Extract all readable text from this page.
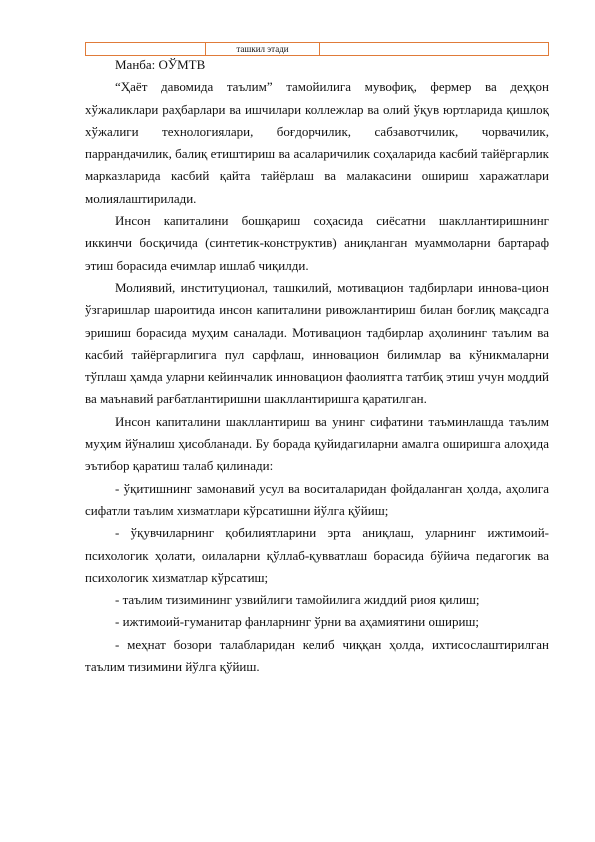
ташкил этади

Манба: ОЎМТВ

“Ҳаёт давомида таълим” тамойилига мувофиқ, фермер ва деҳқон хўжаликлари раҳбарлари ва ишчилари коллежлар ва олий ўқув юртларида қишлоқ хўжалиги технологиялари, боғдорчилик, сабзавотчилик, чорвачилик, паррандачилик, балиқ етиштириш ва асаларичилик соҳаларида касбий тайёргарлик марказларида касбий қайта тайёрлаш ва малакасини ошириш харажатлари молиялаштирилади.

Инсон капиталини бошқариш соҳасида сиёсатни шакллантиришнинг иккинчи босқичида (синтетик-конструктив) аниқланган муаммоларни бартараф этиш борасида ечимлар ишлаб чиқилди.

Молиявий, институционал, ташкилий, мотивацион тадбирлари иннова-цион ўзгаришлар шароитида инсон капиталини ривожлантириш билан боғлиқ мақсадга эришиш борасида муҳим саналади. Мотивацион тадбирлар аҳолининг таълим ва касбий тайёргарлигига пул сарфлаш, инновацион билимлар ва кўникмаларни тўплаш ҳамда уларни кейинчалик инновацион фаолиятга татбиқ этиш учун моддий ва маънавий рағбатлантиришни шакллантиришга қаратилган.

Инсон капиталини шакллантириш ва унинг сифатини таъминлашда таълим муҳим йўналиш ҳисобланади. Бу борада қуйидагиларни амалга оширишга алоҳида эътибор қаратиш талаб қилинади:

- ўқитишнинг замонавий усул ва воситаларидан фойдаланган ҳолда, аҳолига сифатли таълим хизматлари кўрсатишни йўлга қўйиш;

- ўқувчиларнинг қобилиятларини эрта аниқлаш, уларнинг ижтимоий-психологик ҳолати, оилаларни қўллаб-қувватлаш борасида бўйича педагогик ва психологик хизматлар кўрсатиш;

- таълим тизимининг узвийлиги тамойилига жиддий риоя қилиш;

- ижтимоий-гуманитар фанларнинг ўрни ва аҳамиятини ошириш;

- меҳнат бозори талабларидан келиб чиққан ҳолда, ихтисослаштирилган таълим тизимини йўлга қўйиш.
